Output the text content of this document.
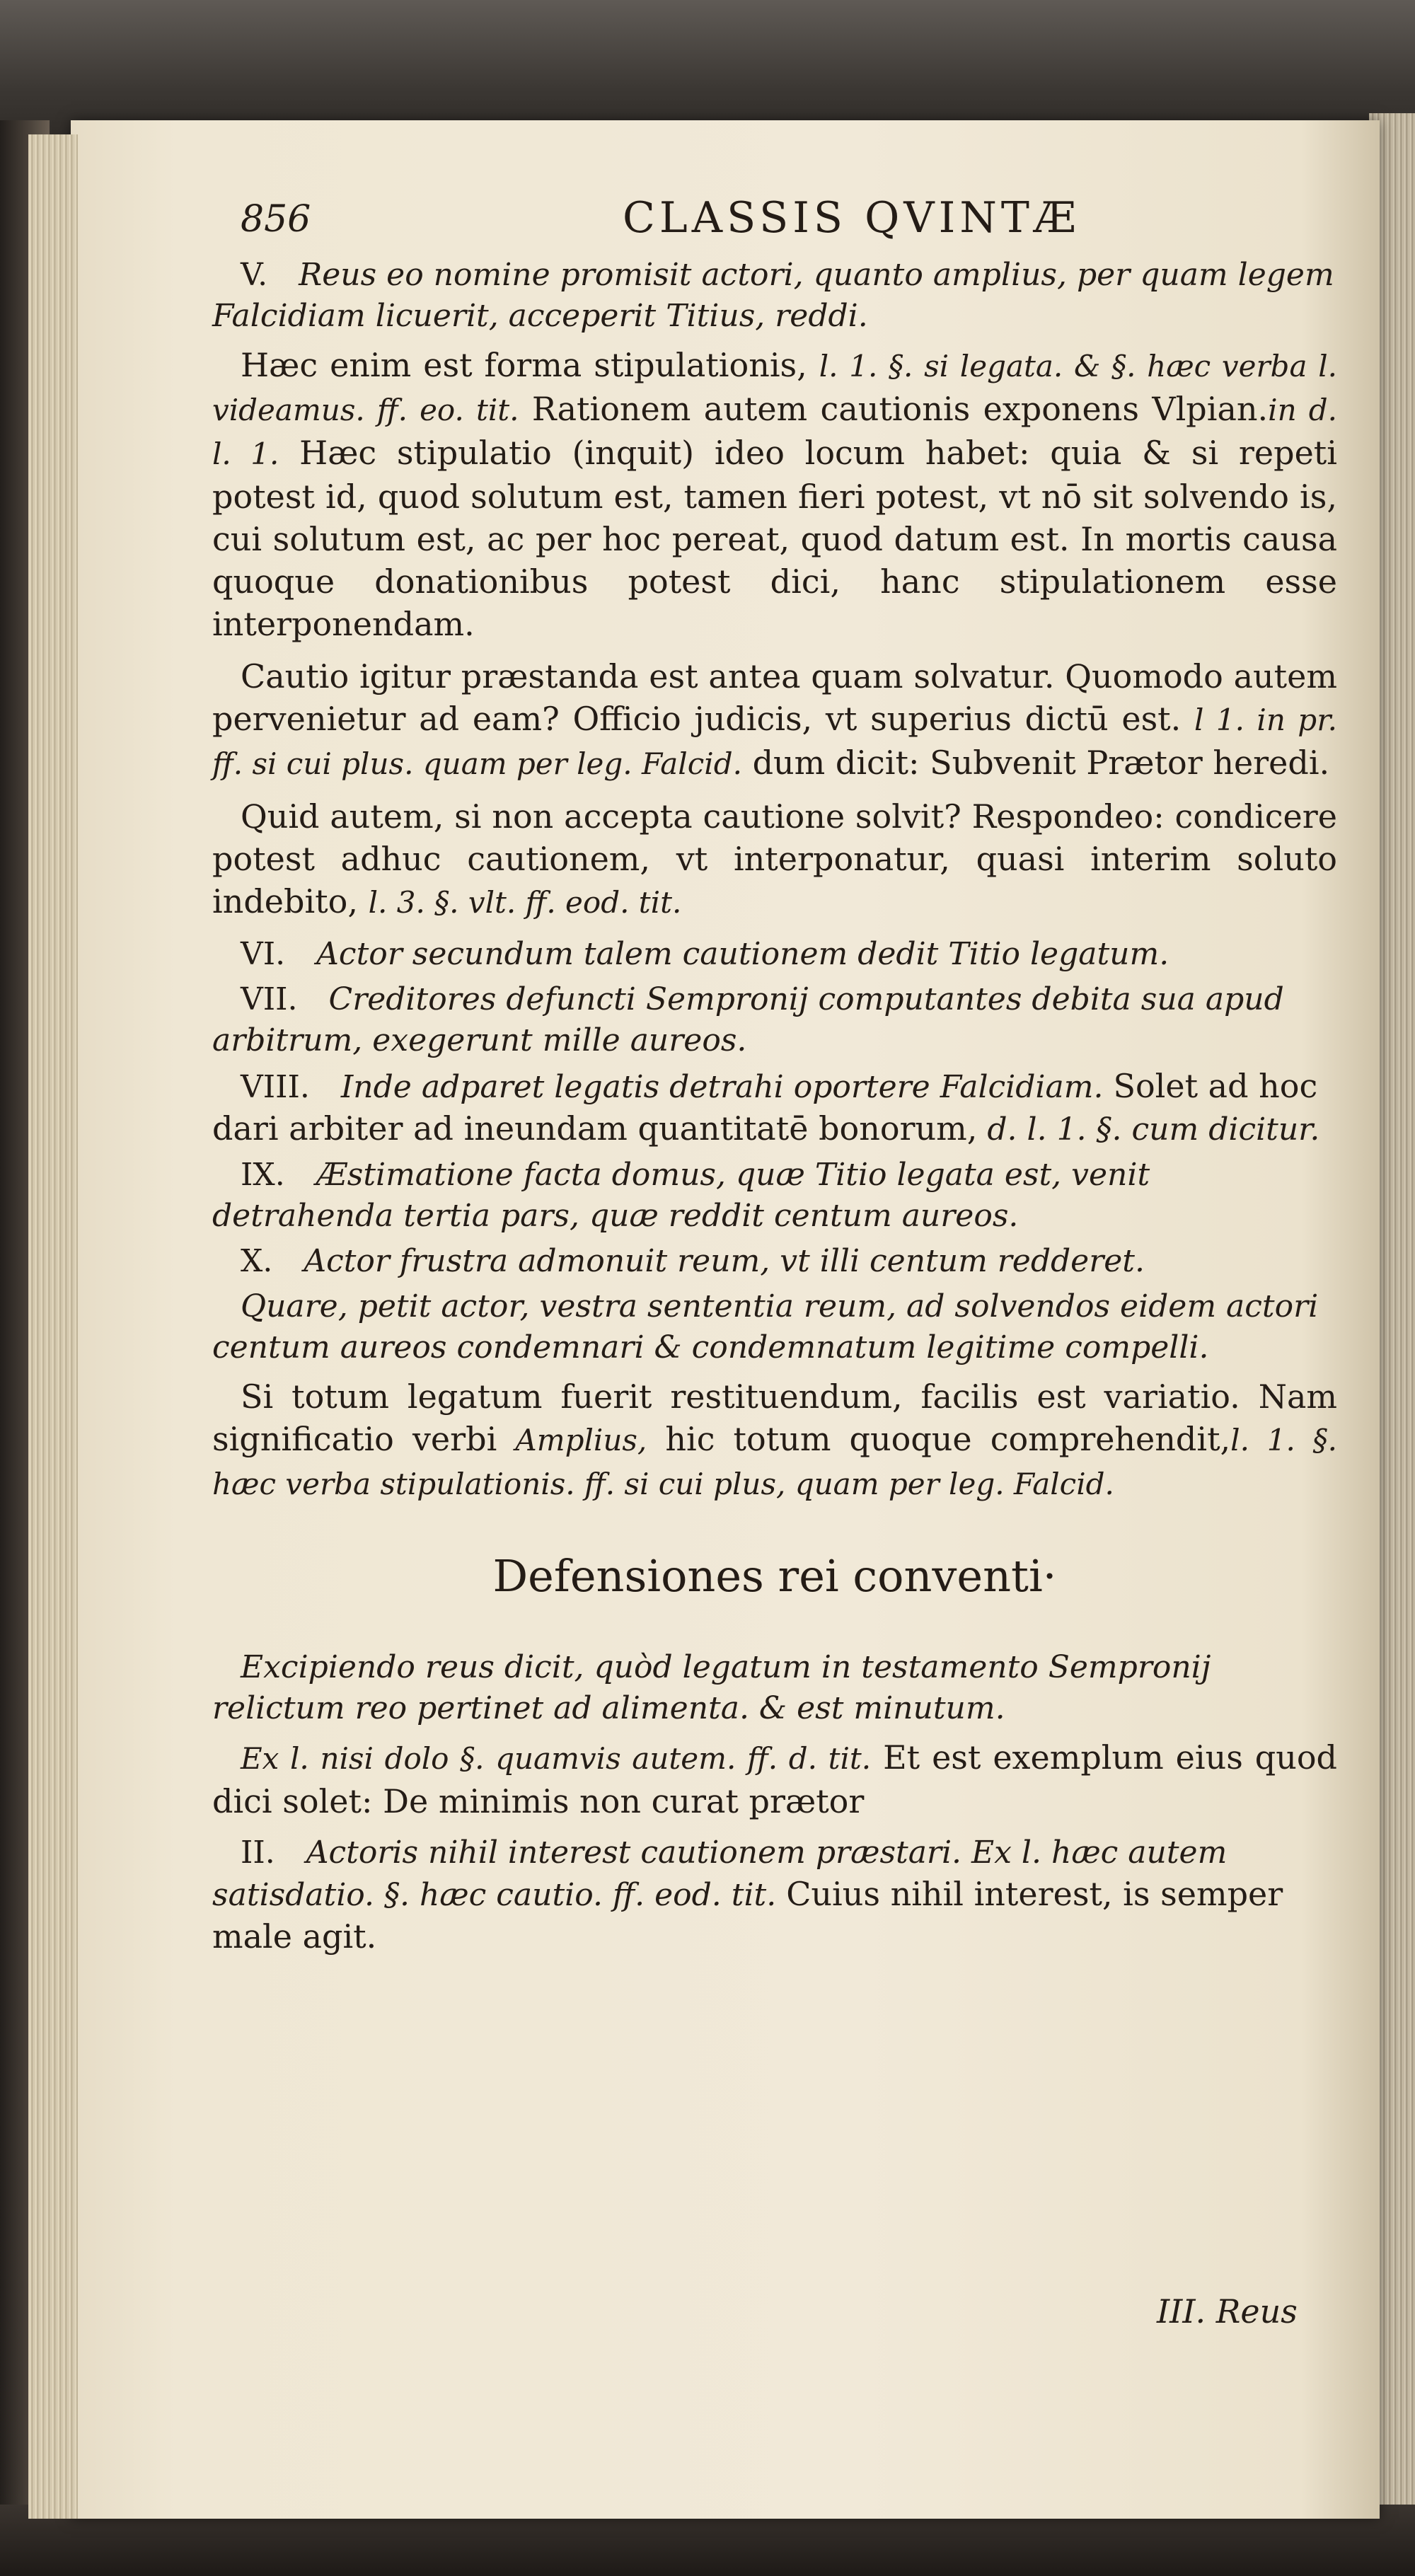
856	CLASSIS QVINTÆ
V. Reus eo nomine promisit actori, quanto amplius, per quam legem Falcidiam licuerit, acceperit Titius, reddi.
Hæc enim est forma stipulationis, l. 1. §. si legata. & §. hæc verba l. videamus. ff. eo. tit. Rationem autem cautionis exponens Vlpian.in d. l. 1. Hæc stipulatio (inquit) ideo locum habet: quia & si repeti potest id, quod solutum est, tamen fieri potest, vt nō sit solvendo is, cui solutum est, ac per hoc pereat, quod datum est. In mortis causa quoque donationibus potest dici, hanc stipulationem esse interponendam.
Cautio igitur præstanda est antea quam solvatur. Quomodo autem pervenietur ad eam? Officio judicis, vt superius dictū est. l 1. in pr. ff. si cui plus. quam per leg. Falcid. dum dicit: Subvenit Prætor heredi.
Quid autem, si non accepta cautione solvit? Respondeo: condicere potest adhuc cautionem, vt interponatur, quasi interim soluto indebito, l. 3. §. vlt. ff. eod. tit.
VI. Actor secundum talem cautionem dedit Titio legatum.
VII. Creditores defuncti Sempronij computantes debita sua apud arbitrum, exegerunt mille aureos.
VIII. Inde adparet legatis detrahi oportere Falcidiam. Solet ad hoc dari arbiter ad ineundam quantitatē bonorum, d. l. 1. §. cum dicitur.
IX. Æstimatione facta domus, quæ Titio legata est, venit detrahenda tertia pars, quæ reddit centum aureos.
X. Actor frustra admonuit reum, vt illi centum redderet.
Quare, petit actor, vestra sententia reum, ad solvendos eidem actori centum aureos condemnari & condemnatum legitime compelli.
Si totum legatum fuerit restituendum, facilis est variatio. Nam significatio verbi Amplius, hic totum quoque comprehendit,l. 1. §. hæc verba stipulationis. ff. si cui plus, quam per leg. Falcid.
Defensiones rei conventi·
Excipiendo reus dicit, quòd legatum in testamento Sempronij relictum reo pertinet ad alimenta. & est minutum.
Ex l. nisi dolo §. quamvis autem. ff. d. tit. Et est exemplum eius quod dici solet: De minimis non curat prætor
II. Actoris nihil interest cautionem præstari. Ex l. hæc autem satisdatio. §. hæc cautio. ff. eod. tit. Cuius nihil interest, is semper male agit.
III. Reus
